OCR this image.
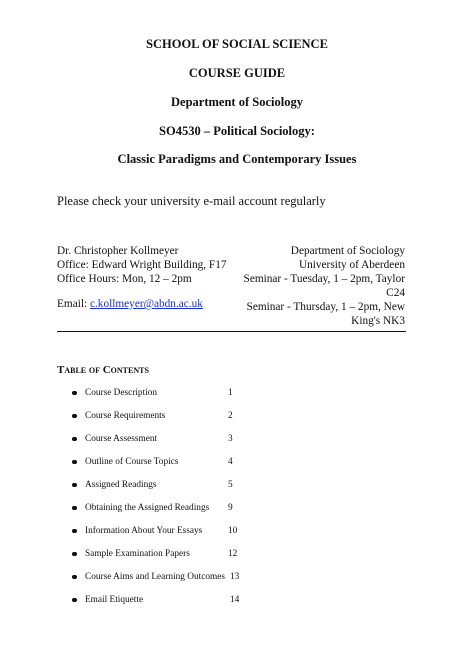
SCHOOL OF SOCIAL SCIENCE
COURSE GUIDE
Department of Sociology
SO4530 – Political Sociology:
Classic Paradigms and Contemporary Issues
Please check your university e-mail account regularly
Dr. Christopher Kollmeyer
Office: Edward Wright Building, F17
Office Hours: Mon, 12 – 2pm
Email: c.kollmeyer@abdn.ac.uk
Department of Sociology
University of Aberdeen
Seminar - Tuesday, 1 – 2pm, Taylor
C24
Seminar - Thursday, 1 – 2pm, New
King's NK3
Table of Contents
Course Description	1
Course Requirements	2
Course Assessment	3
Outline of Course Topics	4
Assigned Readings	5
Obtaining the Assigned Readings 9
Information About Your Essays	10
Sample Examination Papers	12
Course Aims and Learning Outcomes 13
Email Etiquette	14
